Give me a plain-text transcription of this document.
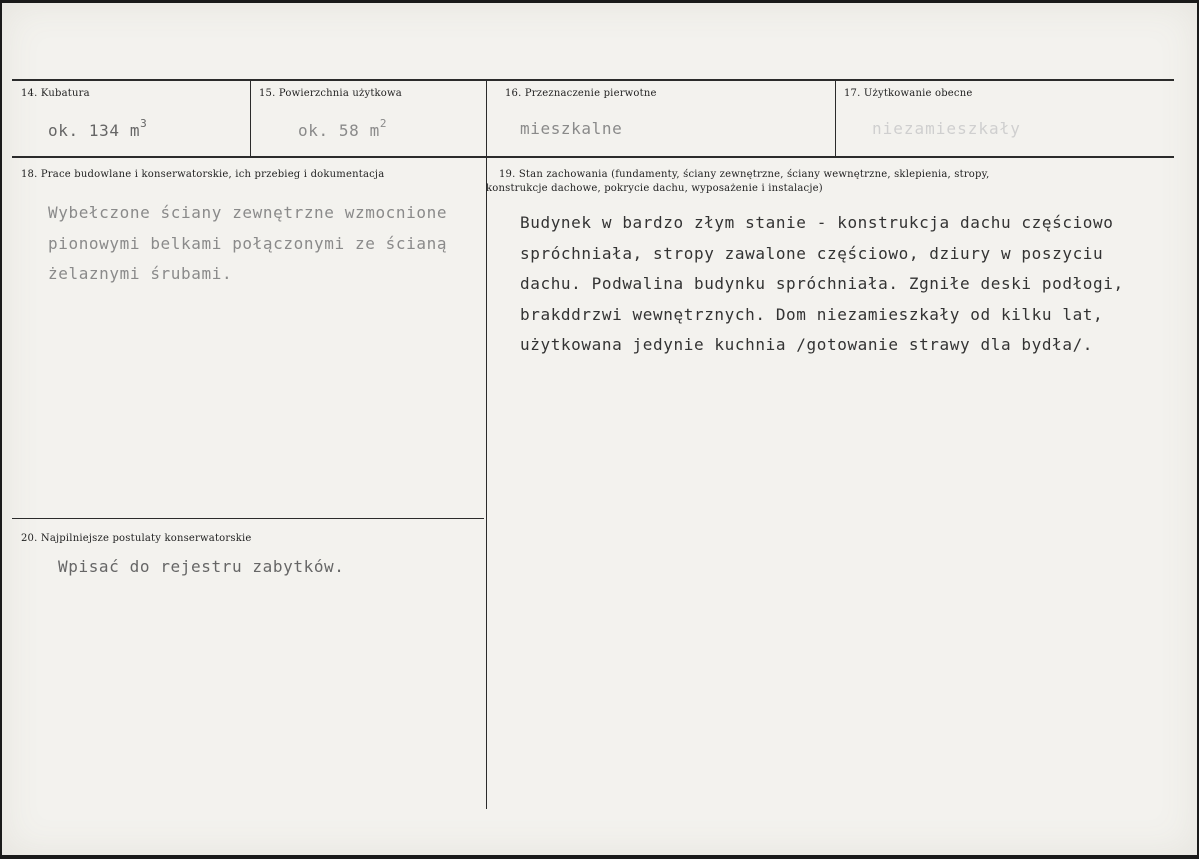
14. Kubatura
ok. 134 $m^3$
15. Powierzchnia użytkowa
ok. 58 $m^2$
16. Przeznaczenie pierwotne
mieszkalne
17. Użytkowanie obecne
niezamieszkały
18. Prace budowlane i konserwatorskie, ich przebieg i dokumentacja
Wybełczone ściany zewnętrzne wzmocnione
pionowymi belkami połączonymi ze ścianą
żelaznymi śrubami.
19. Stan zachowania (fundamenty, ściany zewnętrzne, ściany wewnętrzne, sklepienia, stropy,
konstrukcje dachowe, pokrycie dachu, wyposażenie i instalacje)
Budynek w bardzo złym stanie - konstrukcja dachu częściowo
spróchniała, stropy zawalone częściowo, dziury w poszyciu
dachu. Podwalina budynku spróchniała. Zgniłe deski podłogi,
brakddrzwi wewnętrznych. Dom niezamieszkały od kilku lat,
użytkowana jedynie kuchnia /gotowanie strawy dla bydła/.
20. Najpilniejsze postulaty konserwatorskie
Wpisać do rejestru zabytków.
